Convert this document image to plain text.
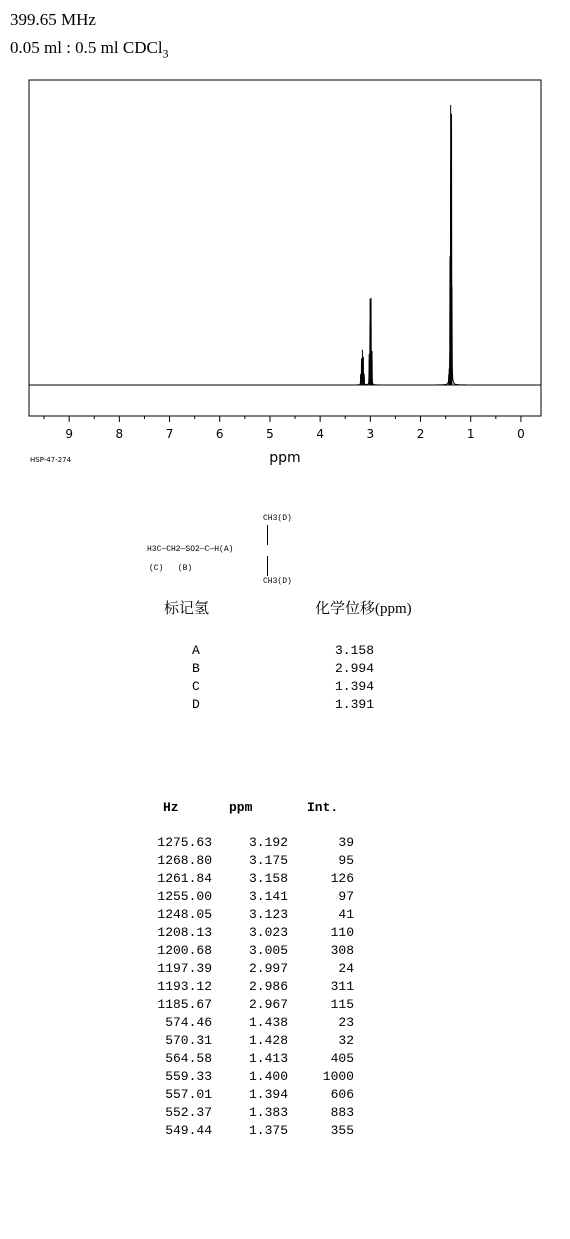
399.65 MHz
0.05 ml : 0.5 ml CDCl$_3$
9	8	7	6	5	4	3	2	1	0
HSP-47-274	ppm
CH3(D)
H3C—CH2—SO2—C—H(A)
(C)   (B)
CH3(D)
标记氢	化学位移(ppm)
A	3.158
B	2.994
C	1.394
D	1.391
Hz	ppm	Int.
1275.63	3.192	39
1268.80	3.175	95
1261.84	3.158	126
1255.00	3.141	97
1248.05	3.123	41
1208.13	3.023	110
1200.68	3.005	308
1197.39	2.997	24
1193.12	2.986	311
1185.67	2.967	115
574.46	1.438	23
570.31	1.428	32
564.58	1.413	405
559.33	1.400	1000
557.01	1.394	606
552.37	1.383	883
549.44	1.375	355
